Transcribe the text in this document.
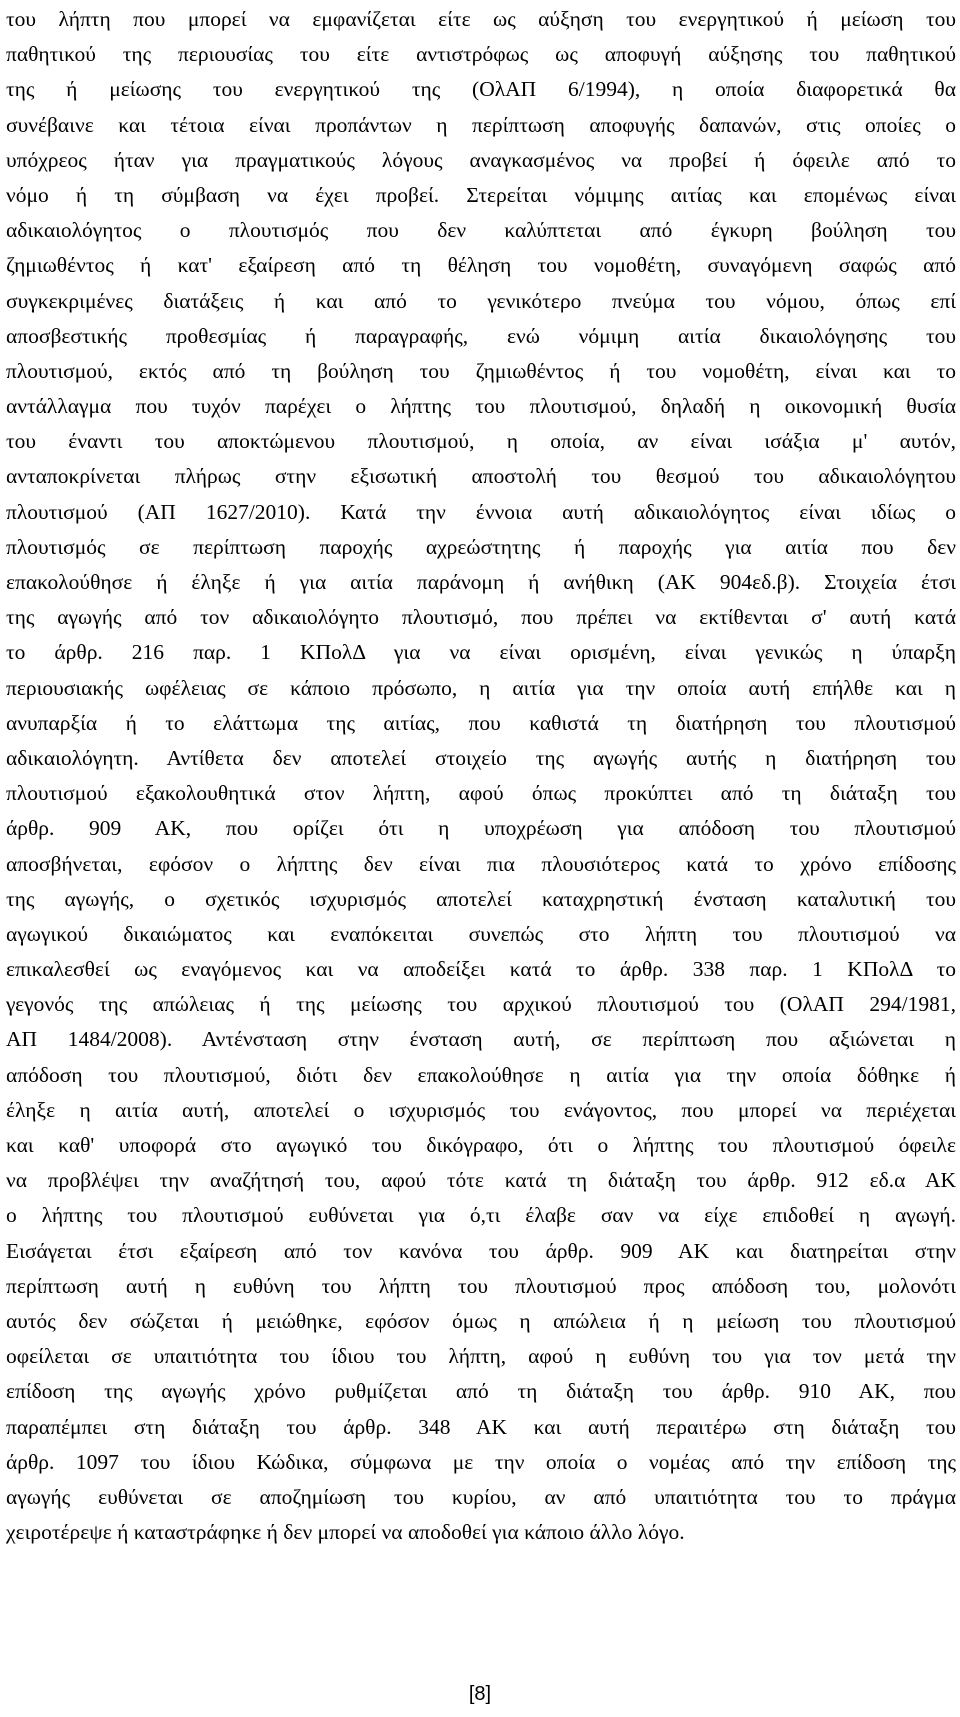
του λήπτη που μπορεί να εμφανίζεται είτε ως αύξηση του ενεργητικού ή μείωση του
παθητικού της περιουσίας του είτε αντιστρόφως ως αποφυγή αύξησης του παθητικού
της ή μείωσης του ενεργητικού της (ΟλΑΠ 6/1994), η οποία διαφορετικά θα
συνέβαινε και τέτοια είναι προπάντων η περίπτωση αποφυγής δαπανών, στις οποίες ο
υπόχρεος ήταν για πραγματικούς λόγους αναγκασμένος να προβεί ή όφειλε από το
νόμο ή τη σύμβαση να έχει προβεί. Στερείται νόμιμης αιτίας και επομένως είναι
αδικαιολόγητος ο πλουτισμός που δεν καλύπτεται από έγκυρη βούληση του
ζημιωθέντος ή κατ' εξαίρεση από τη θέληση του νομοθέτη, συναγόμενη σαφώς από
συγκεκριμένες διατάξεις ή και από το γενικότερο πνεύμα του νόμου, όπως επί
αποσβεστικής προθεσμίας ή παραγραφής, ενώ νόμιμη αιτία δικαιολόγησης του
πλουτισμού, εκτός από τη βούληση του ζημιωθέντος ή του νομοθέτη, είναι και το
αντάλλαγμα που τυχόν παρέχει ο λήπτης του πλουτισμού, δηλαδή η οικονομική θυσία
του έναντι του αποκτώμενου πλουτισμού, η οποία, αν είναι ισάξια μ' αυτόν,
ανταποκρίνεται πλήρως στην εξισωτική αποστολή του θεσμού του αδικαιολόγητου
πλουτισμού (ΑΠ 1627/2010). Κατά την έννοια αυτή αδικαιολόγητος είναι ιδίως ο
πλουτισμός σε περίπτωση παροχής αχρεώστητης ή παροχής για αιτία που δεν
επακολούθησε ή έληξε ή για αιτία παράνομη ή ανήθικη (ΑΚ 904εδ.β). Στοιχεία έτσι
της αγωγής από τον αδικαιολόγητο πλουτισμό, που πρέπει να εκτίθενται σ' αυτή κατά
το άρθρ. 216 παρ. 1 ΚΠολΔ για να είναι ορισμένη, είναι γενικώς η ύπαρξη
περιουσιακής ωφέλειας σε κάποιο πρόσωπο, η αιτία για την οποία αυτή επήλθε και η
ανυπαρξία ή το ελάττωμα της αιτίας, που καθιστά τη διατήρηση του πλουτισμού
αδικαιολόγητη. Αντίθετα δεν αποτελεί στοιχείο της αγωγής αυτής η διατήρηση του
πλουτισμού εξακολουθητικά στον λήπτη, αφού όπως προκύπτει από τη διάταξη του
άρθρ. 909 ΑΚ, που ορίζει ότι η υποχρέωση για απόδοση του πλουτισμού
αποσβήνεται, εφόσον ο λήπτης δεν είναι πια πλουσιότερος κατά το χρόνο επίδοσης
της αγωγής, ο σχετικός ισχυρισμός αποτελεί καταχρηστική ένσταση καταλυτική του
αγωγικού δικαιώματος και εναπόκειται συνεπώς στο λήπτη του πλουτισμού να
επικαλεσθεί ως εναγόμενος και να αποδείξει κατά το άρθρ. 338 παρ. 1 ΚΠολΔ το
γεγονός της απώλειας ή της μείωσης του αρχικού πλουτισμού του (ΟλΑΠ 294/1981,
ΑΠ 1484/2008). Αντένσταση στην ένσταση αυτή, σε περίπτωση που αξιώνεται η
απόδοση του πλουτισμού, διότι δεν επακολούθησε η αιτία για την οποία δόθηκε ή
έληξε η αιτία αυτή, αποτελεί ο ισχυρισμός του ενάγοντος, που μπορεί να περιέχεται
και καθ' υποφορά στο αγωγικό του δικόγραφο, ότι ο λήπτης του πλουτισμού όφειλε
να προβλέψει την αναζήτησή του, αφού τότε κατά τη διάταξη του άρθρ. 912 εδ.α ΑΚ
ο λήπτης του πλουτισμού ευθύνεται για ό,τι έλαβε σαν να είχε επιδοθεί η αγωγή.
Εισάγεται έτσι εξαίρεση από τον κανόνα του άρθρ. 909 ΑΚ και διατηρείται στην
περίπτωση αυτή η ευθύνη του λήπτη του πλουτισμού προς απόδοση του, μολονότι
αυτός δεν σώζεται ή μειώθηκε, εφόσον όμως η απώλεια ή η μείωση του πλουτισμού
οφείλεται σε υπαιτιότητα του ίδιου του λήπτη, αφού η ευθύνη του για τον μετά την
επίδοση της αγωγής χρόνο ρυθμίζεται από τη διάταξη του άρθρ. 910 ΑΚ, που
παραπέμπει στη διάταξη του άρθρ. 348 ΑΚ και αυτή περαιτέρω στη διάταξη του
άρθρ. 1097 του ίδιου Κώδικα, σύμφωνα με την οποία ο νομέας από την επίδοση της
αγωγής ευθύνεται σε αποζημίωση του κυρίου, αν από υπαιτιότητα του το πράγμα
χειροτέρεψε ή καταστράφηκε ή δεν μπορεί να αποδοθεί για κάποιο άλλο λόγο.
[8]
